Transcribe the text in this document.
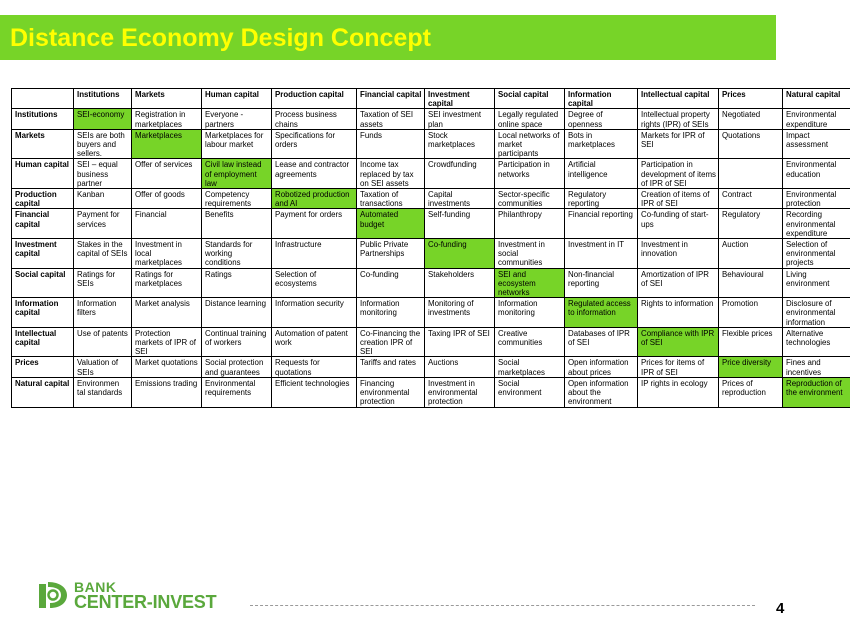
Distance Economy Design Concept
	Institutions	Markets	Human capital	Production capital	Financial capital	Investment capital	Social capital	Information capital	Intellectual capital	Prices	Natural capital
Institutions	SEI-economy	Registration in marketplaces	Everyone - partners	Process business chains	Taxation of SEI assets	SEI investment plan	Legally regulated online space	Degree of openness	Intellectual property rights (IPR) of SEIs	Negotiated	Environmental expenditure
Markets	SEIs are both buyers and sellers.	Marketplaces	Marketplaces for labour market	Specifications for orders	Funds	Stock marketplaces	Local networks of market participants	Bots in marketplaces	Markets for IPR of SEI	Quotations	Impact assessment
Human capital	SEI – equal business partner	Offer of services	Civil law instead of employment law	Lease and contractor agreements	Income tax replaced by tax on SEI assets	Crowdfunding	Participation in networks	Artificial intelligence	Participation in development of items of IPR of SEI		Environmental education
Production capital	Kanban	Offer of goods	Competency requirements	Robotized production and AI	Taxation of transactions	Capital investments	Sector-specific communities	Regulatory reporting	Creation of items of IPR of SEI	Contract	Environmental protection
Financial capital	Payment for services	Financial	Benefits	Payment for orders	Automated budget	Self-funding	Philanthropy	Financial reporting	Co-funding of start-ups	Regulatory	Recording environmental expenditure
Investment capital	Stakes in the capital of SEIs	Investment in local marketplaces	Standards for working conditions	Infrastructure	Public Private Partnerships	Co-funding	Investment in social communities	Investment in IT	Investment in innovation	Auction	Selection of environmental projects
Social capital	Ratings for SEIs	Ratings for marketplaces	Ratings	Selection of ecosystems	Co-funding	Stakeholders	SEI and ecosystem networks	Non-financial reporting	Amortization of IPR of SEI	Behavioural	Living environment
Information capital	Information filters	Market analysis	Distance learning	Information security	Information monitoring	Monitoring of investments	Information monitoring	Regulated access to information	Rights to information	Promotion	Disclosure of environmental information
Intellectual capital	Use of patents	Protection markets of IPR of SEI	Continual training of workers	Automation of patent work	Co-Financing the creation IPR of SEI	Taxing IPR of SEI	Creative communities	Databases of IPR of SEI	Compliance with IPR of SEI	Flexible prices	Alternative technologies
Prices	Valuation of SEIs	Market quotations	Social protection and guarantees	Requests for quotations	Tariffs and rates	Auctions	Social marketplaces	Open information about prices	Prices for items of IPR of SEI	Price diversity	Fines and incentives
Natural capital	Environmen tal standards	Emissions trading	Environmental requirements	Efficient technologies	Financing environmental protection	Investment in environmental protection	Social environment	Open information about the environment	IP rights in ecology	Prices of reproduction	Reproduction of the environment
BANK
CENTER-INVEST	4
